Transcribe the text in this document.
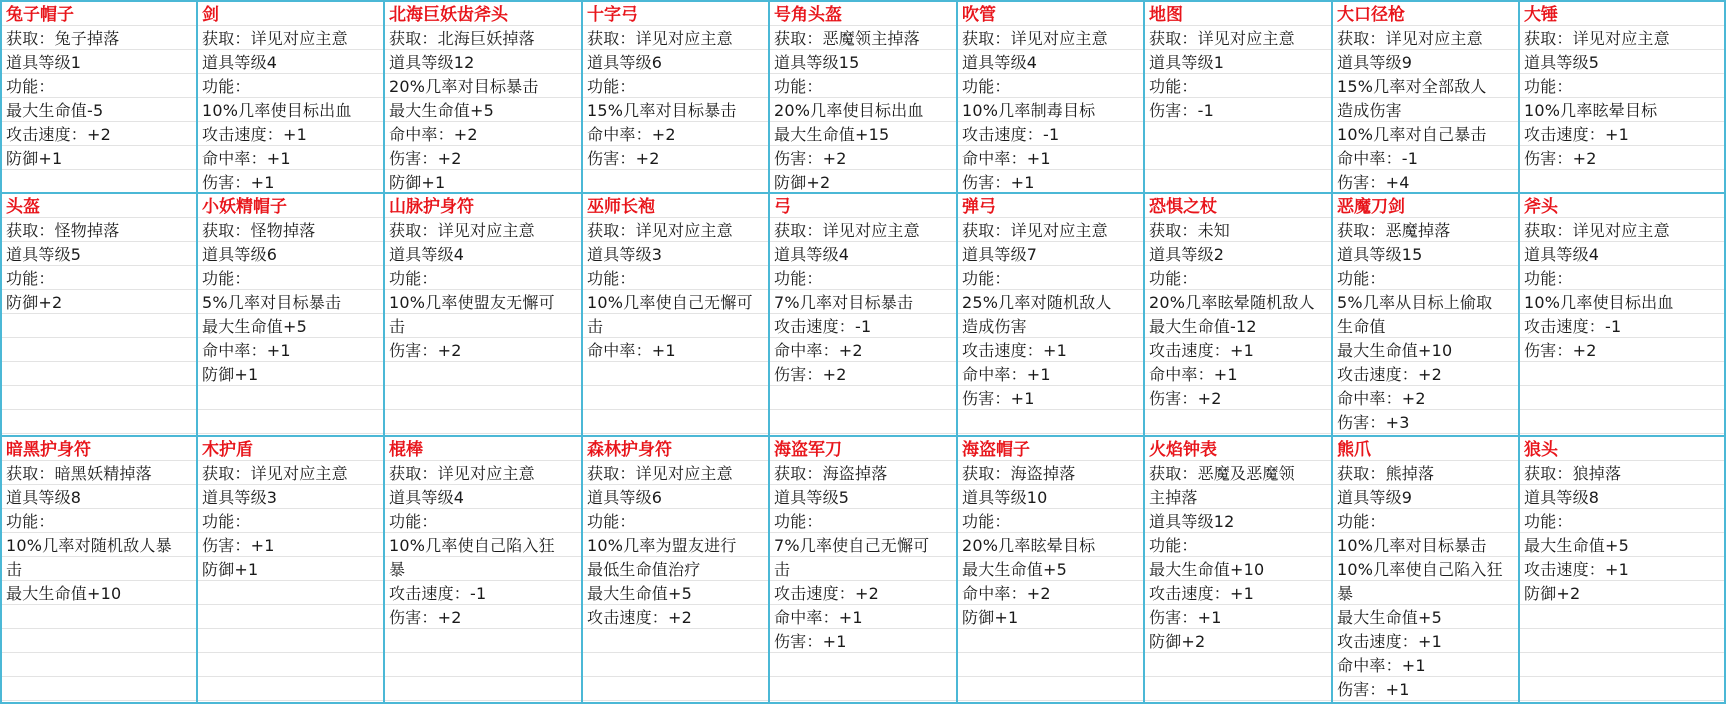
兔子帽子
获取：兔子掉落
道具等级1
功能：
最大生命值-5
攻击速度：+2
防御+1
剑
获取：详见对应主意
道具等级4
功能：
10%几率使目标出血
攻击速度：+1
命中率：+1
伤害：+1
北海巨妖齿斧头
获取：北海巨妖掉落
道具等级12
20%几率对目标暴击
最大生命值+5
命中率：+2
伤害：+2
防御+1
十字弓
获取：详见对应主意
道具等级6
功能：
15%几率对目标暴击
命中率：+2
伤害：+2
号角头盔
获取：恶魔领主掉落
道具等级15
功能：
20%几率使目标出血
最大生命值+15
伤害：+2
防御+2
吹管
获取：详见对应主意
道具等级4
功能：
10%几率制毒目标
攻击速度：-1
命中率：+1
伤害：+1
地图
获取：详见对应主意
道具等级1
功能：
伤害：-1
大口径枪
获取：详见对应主意
道具等级9
15%几率对全部敌人
造成伤害
10%几率对自己暴击
命中率：-1
伤害：+4
大锤
获取：详见对应主意
道具等级5
功能：
10%几率眩晕目标
攻击速度：+1
伤害：+2
头盔
获取：怪物掉落
道具等级5
功能：
防御+2
小妖精帽子
获取：怪物掉落
道具等级6
功能：
5%几率对目标暴击
最大生命值+5
命中率：+1
防御+1
山脉护身符
获取：详见对应主意
道具等级4
功能：
10%几率使盟友无懈可
击
伤害：+2
巫师长袍
获取：详见对应主意
道具等级3
功能：
10%几率使自己无懈可
击
命中率：+1
弓
获取：详见对应主意
道具等级4
功能：
7%几率对目标暴击
攻击速度：-1
命中率：+2
伤害：+2
弹弓
获取：详见对应主意
道具等级7
功能：
25%几率对随机敌人
造成伤害
攻击速度：+1
命中率：+1
伤害：+1
恐惧之杖
获取：未知
道具等级2
功能：
20%几率眩晕随机敌人
最大生命值-12
攻击速度：+1
命中率：+1
伤害：+2
恶魔刀剑
获取：恶魔掉落
道具等级15
功能：
5%几率从目标上偷取
生命值
最大生命值+10
攻击速度：+2
命中率：+2
伤害：+3
斧头
获取：详见对应主意
道具等级4
功能：
10%几率使目标出血
攻击速度：-1
伤害：+2
暗黑护身符
获取：暗黑妖精掉落
道具等级8
功能：
10%几率对随机敌人暴
击
最大生命值+10
木护盾
获取：详见对应主意
道具等级3
功能：
伤害：+1
防御+1
棍棒
获取：详见对应主意
道具等级4
功能：
10%几率使自己陷入狂
暴
攻击速度：-1
伤害：+2
森林护身符
获取：详见对应主意
道具等级6
功能：
10%几率为盟友进行
最低生命值治疗
最大生命值+5
攻击速度：+2
海盗军刀
获取：海盗掉落
道具等级5
功能：
7%几率使自己无懈可
击
攻击速度：+2
命中率：+1
伤害：+1
海盗帽子
获取：海盗掉落
道具等级10
功能：
20%几率眩晕目标
最大生命值+5
命中率：+2
防御+1
火焰钟表
获取：恶魔及恶魔领
主掉落
道具等级12
功能：
最大生命值+10
攻击速度：+1
伤害：+1
防御+2
熊爪
获取：熊掉落
道具等级9
功能：
10%几率对目标暴击
10%几率使自己陷入狂
暴
最大生命值+5
攻击速度：+1
命中率：+1
伤害：+1
狼头
获取：狼掉落
道具等级8
功能：
最大生命值+5
攻击速度：+1
防御+2
